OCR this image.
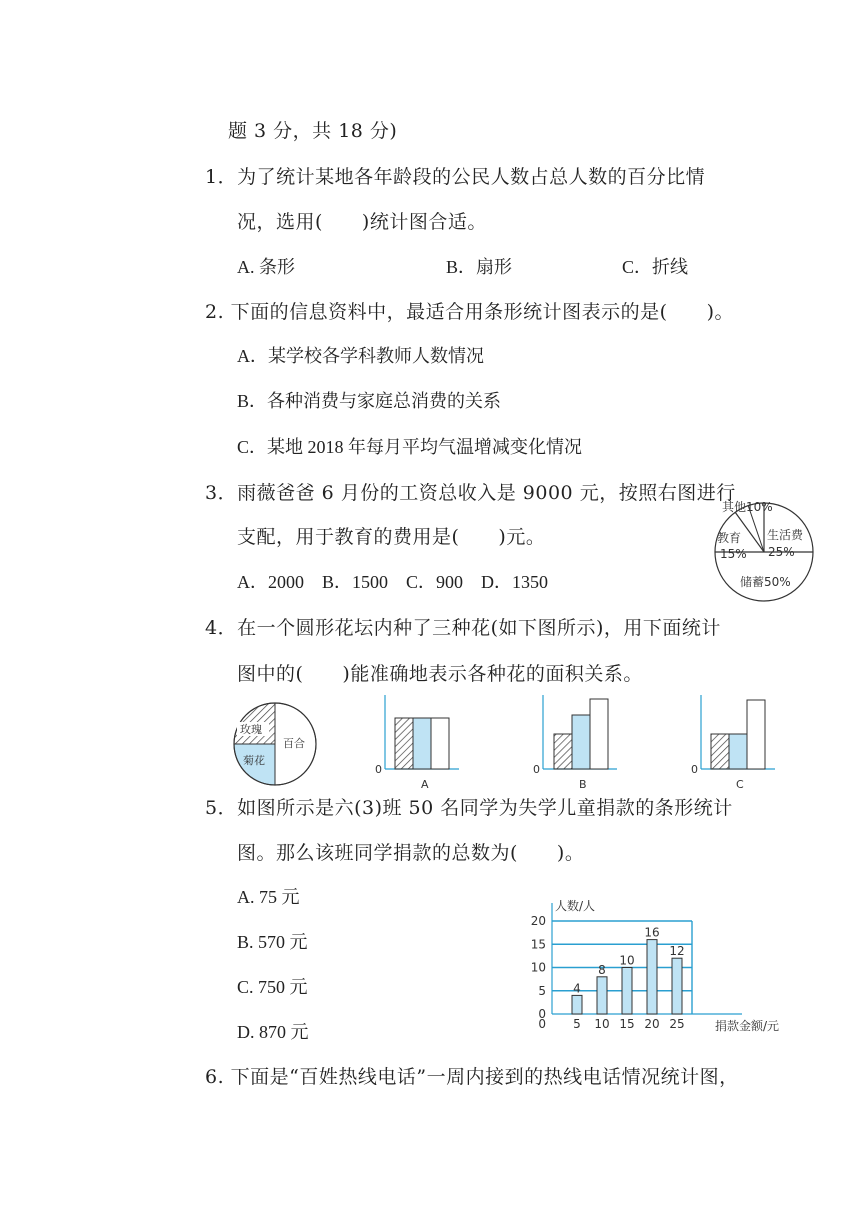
题 3 分，共 18 分)
1．为了统计某地各年龄段的公民人数占总人数的百分比情
况，选用(　　)统计图合适。
A. 条形	B．扇形	C．折线
2. 下面的信息资料中，最适合用条形统计图表示的是(　　)。
A．某学校各学科教师人数情况
B．各种消费与家庭总消费的关系
C．某地 2018 年每月平均气温增减变化情况
3．雨薇爸爸 6 月份的工资总收入是 9000 元，按照右图进行
支配，用于教育的费用是(　　)元。
A．2000　B．1500　C．900　D．1350
其他10%
教育
15%
生活费
25%
储蓄50%
4．在一个圆形花坛内种了三种花(如下图所示)，用下面统计
图中的(　　)能准确地表示各种花的面积关系。
玫瑰
百合
菊花
0
A
0
B
0
C
5．如图所示是六(3)班 50 名同学为失学儿童捐款的条形统计
图。那么该班同学捐款的总数为(　　)。
A. 75 元
B. 570 元
C. 750 元
D. 870 元
0
5
10
15
20
5 10 15 20 25
0
4
8
10
16
12
人数/人
捐款金额/元
6. 下面是“百姓热线电话”一周内接到的热线电话情况统计图，
